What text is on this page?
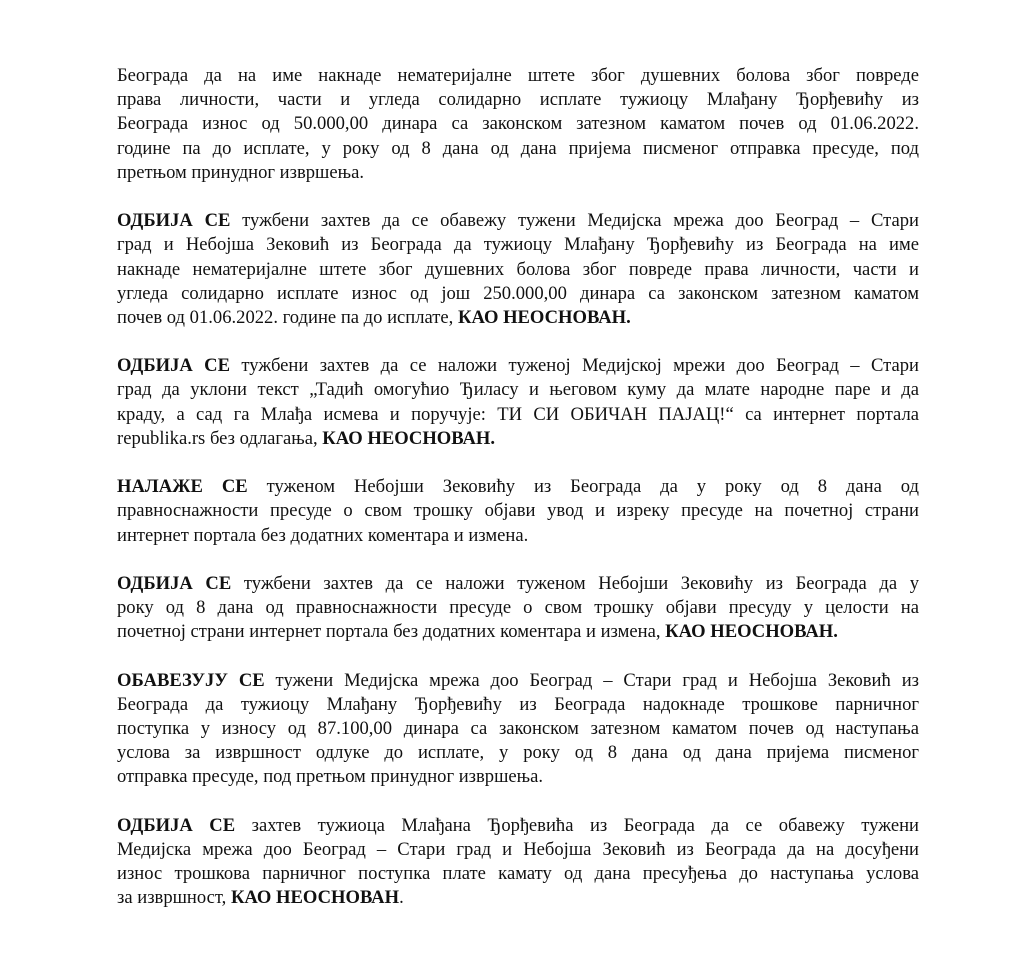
Београда да на име накнаде нематеријалне штете због душевних болова због повреде
права личности, части и угледа солидарно исплате тужиоцу Млађану Ђорђевићу из
Београда износ од 50.000,00 динара са законском затезном каматом почев од 01.06.2022.
године па до исплате, у року од 8 дана од дана пријема писменог отправка пресуде, под
претњом принудног извршења.
ОДБИЈА СЕ тужбени захтев да се обавежу тужени Медијска мрежа доо Београд – Стари
град и Небојша Зековић из Београда да тужиоцу Млађану Ђорђевићу из Београда на име
накнаде нематеријалне штете због душевних болова због повреде права личности, части и
угледа солидарно исплате износ од још 250.000,00 динара са законском затезном каматом
почев од 01.06.2022. године па до исплате, КАО НЕОСНОВАН.
ОДБИЈА СЕ тужбени захтев да се наложи туженој Медијској мрежи доо Београд – Стари
град да уклони текст „Тадић омогућио Ђиласу и његовом куму да млате народне паре и да
краду, а сад га Млађа исмева и поручује: ТИ СИ ОБИЧАН ПАЈАЦ!“ са интернет портала
republika.rs без одлагања, КАО НЕОСНОВАН.
НАЛАЖЕ СЕ туженом Небојши Зековићу из Београда да у року од 8 дана од
правноснажности пресуде о свом трошку објави увод и изреку пресуде на почетној страни
интернет портала без додатних коментара и измена.
ОДБИЈА СЕ тужбени захтев да се наложи туженом Небојши Зековићу из Београда да у
року од 8 дана од правноснажности пресуде о свом трошку објави пресуду у целости на
почетној страни интернет портала без додатних коментара и измена, КАО НЕОСНОВАН.
ОБАВЕЗУЈУ СЕ тужени Медијска мрежа доо Београд – Стари град и Небојша Зековић из
Београда да тужиоцу Млађану Ђорђевићу из Београда надокнаде трошкове парничног
поступка у износу од 87.100,00 динара са законском затезном каматом почев од наступања
услова за извршност одлуке до исплате, у року од 8 дана од дана пријема писменог
отправка пресуде, под претњом принудног извршења.
ОДБИЈА СЕ захтев тужиоца Млађана Ђорђевића из Београда да се обавежу тужени
Медијска мрежа доо Београд – Стари град и Небојша Зековић из Београда да на досуђени
износ трошкова парничног поступка плате камату од дана пресуђења до наступања услова
за извршност, КАО НЕОСНОВАН.
